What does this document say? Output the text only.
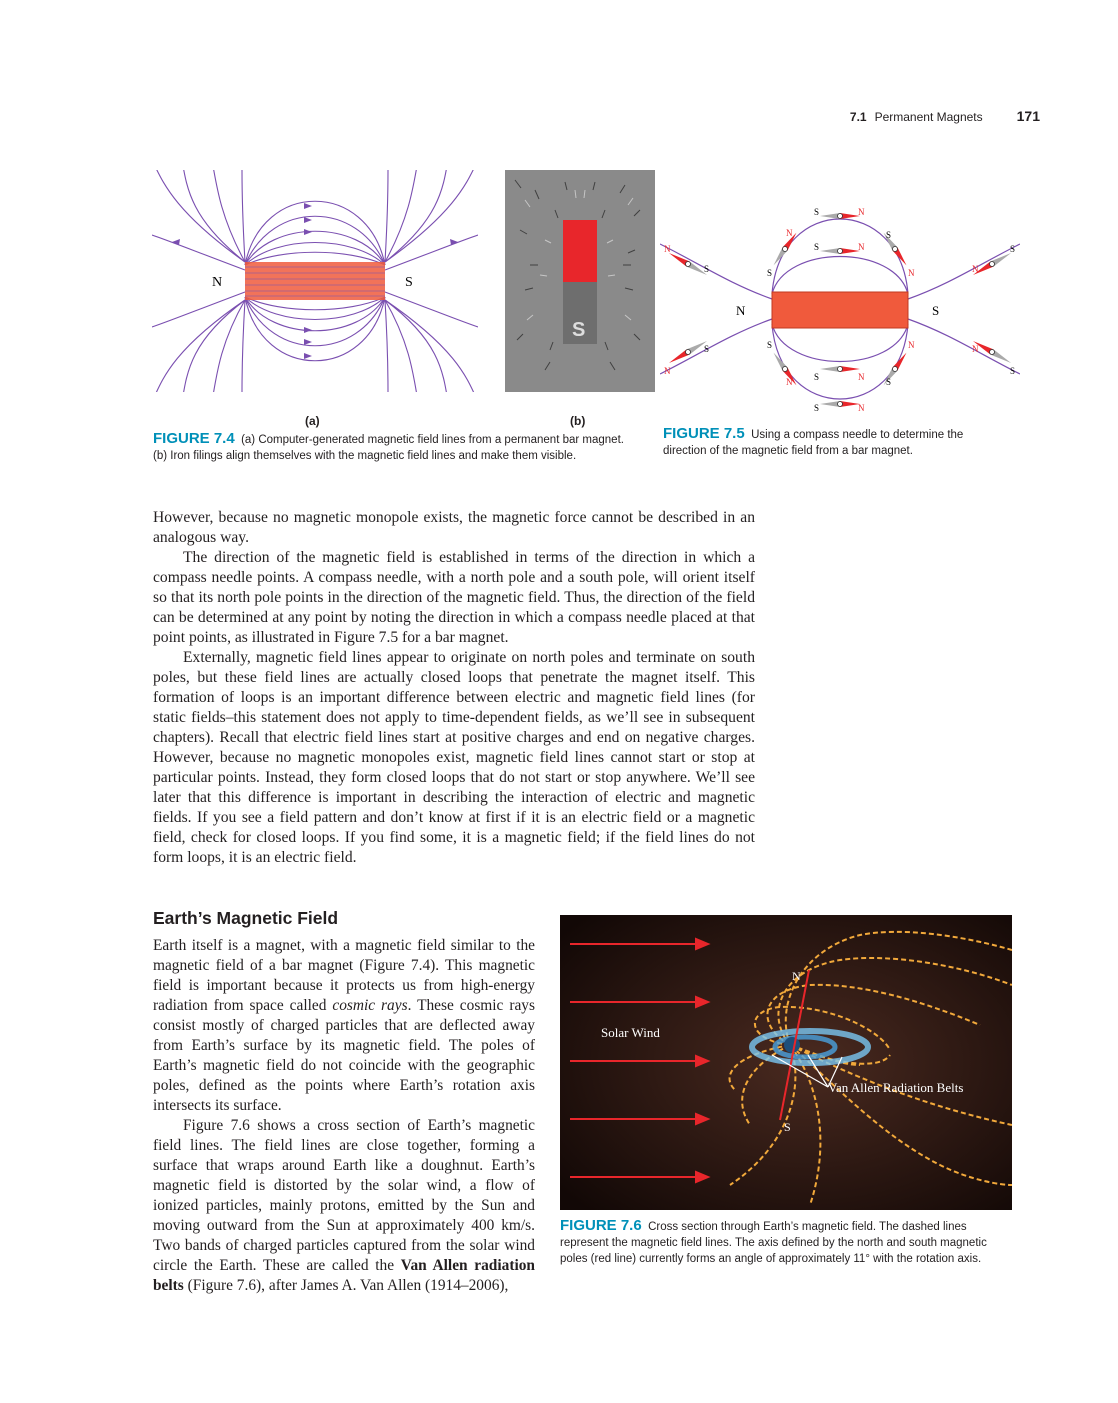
7.1 Permanent Magnets 171
N	S
S
(a)	(b)
FIGURE 7.4 (a) Computer-generated magnetic field lines from a permanent bar magnet. (b) Iron filings align themselves with the magnetic field lines and make them visible.
N	S
S	N
S	N
S	N
S	N
N
S
N
S
N
S
N
S
N
S
S
N
S
N
N
S
FIGURE 7.5 Using a compass needle to determine the direction of the magnetic field from a bar magnet.

However, because no magnetic monopole exists, the magnetic force cannot be described in an analogous way.

The direction of the magnetic field is established in terms of the direction in which a compass needle points. A compass needle, with a north pole and a south pole, will orient itself so that its north pole points in the direction of the magnetic field. Thus, the direction of the field can be determined at any point by noting the direction in which a compass needle placed at that point points, as illustrated in Figure 7.5 for a bar magnet.

Externally, magnetic field lines appear to originate on north poles and terminate on south poles, but these field lines are actually closed loops that penetrate the magnet itself. This formation of loops is an important difference between electric and magnetic field lines (for static fields–this statement does not apply to time-dependent fields, as we’ll see in subsequent chapters). Recall that electric field lines start at positive charges and end on negative charges. However, because no magnetic monopoles exist, magnetic field lines cannot start or stop at particular points. Instead, they form closed loops that do not start or stop anywhere. We’ll see later that this difference is important in describing the interaction of electric and magnetic fields. If you see a field pattern and don’t know at first if it is an electric field or a magnetic field, check for closed loops. If you find some, it is a magnetic field; if the field lines do not form loops, it is an electric field.

Earth’s Magnetic Field

Earth itself is a magnet, with a magnetic field similar to the magnetic field of a bar magnet (Figure 7.4). This magnetic field is important because it protects us from high-energy radiation from space called cosmic rays. These cosmic rays consist mostly of charged particles that are deflected away from Earth’s surface by its magnetic field. The poles of Earth’s magnetic field do not coincide with the geographic poles, defined as the points where Earth’s rotation axis intersects its surface.

Figure 7.6 shows a cross section of Earth’s magnetic field lines. The field lines are close together, forming a surface that wraps around Earth like a doughnut. Earth’s magnetic field is distorted by the solar wind, a flow of ionized particles, mainly protons, emitted by the Sun and moving outward from the Sun at approximately 400 km/s. Two bands of charged particles captured from the solar wind circle the Earth. These are called the Van Allen radiation belts (Figure 7.6), after James A. Van Allen (1914–2006),

N
S
Solar Wind
Van Allen Radiation Belts
FIGURE 7.6 Cross section through Earth’s magnetic field. The dashed lines represent the magnetic field lines. The axis defined by the north and south magnetic poles (red line) currently forms an angle of approximately 11° with the rotation axis.
